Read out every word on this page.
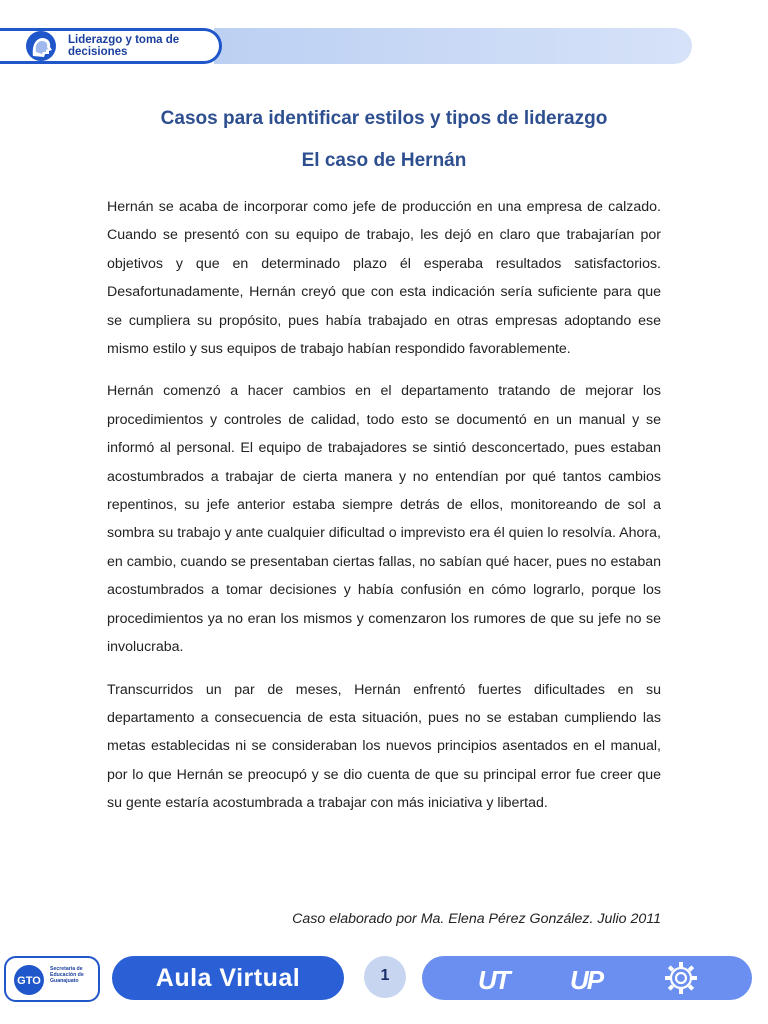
Liderazgo y toma de decisiones
Casos para identificar estilos y tipos de liderazgo
El caso de Hernán

Hernán se acaba de incorporar como jefe de producción en una empresa de calzado. Cuando se presentó con su equipo de trabajo, les dejó en claro que trabajarían por objetivos y que en determinado plazo él esperaba resultados satisfactorios. Desafortunadamente, Hernán creyó que con esta indicación sería suficiente para que se cumpliera su propósito, pues había trabajado en otras empresas adoptando ese mismo estilo y sus equipos de trabajo habían respondido favorablemente.

Hernán comenzó a hacer cambios en el departamento tratando de mejorar los procedimientos y controles de calidad, todo esto se documentó en un manual y se informó al personal. El equipo de trabajadores se sintió desconcertado, pues estaban acostumbrados a trabajar de cierta manera y no entendían por qué tantos cambios repentinos, su jefe anterior estaba siempre detrás de ellos, monitoreando de sol a sombra su trabajo y ante cualquier dificultad o imprevisto era él quien lo resolvía. Ahora, en cambio, cuando se presentaban ciertas fallas, no sabían qué hacer, pues no estaban acostumbrados a tomar decisiones y había confusión en cómo lograrlo, porque los procedimientos ya no eran los mismos y comenzaron los rumores de que su jefe no se involucraba.

Transcurridos un par de meses, Hernán enfrentó fuertes dificultades en su departamento a consecuencia de esta situación, pues no se estaban cumpliendo las metas establecidas ni se consideraban los nuevos principios asentados en el manual, por lo que Hernán se preocupó y se dio cuenta de que su principal error fue creer que su gente estaría acostumbrada a trabajar con más iniciativa y libertad.

Caso elaborado por Ma. Elena Pérez González. Julio 2011
GTO
Secretaría de Educación de Guanajuato	Aula Virtual	1	UT UP
